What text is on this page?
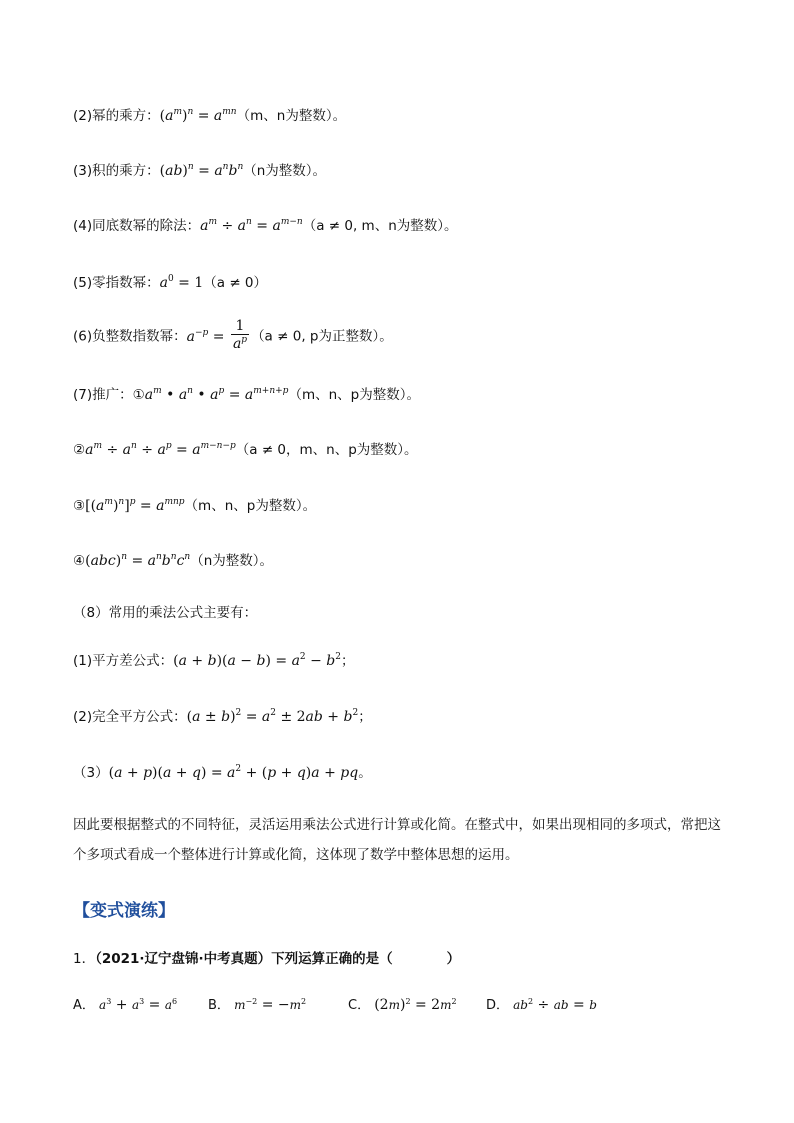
(2)幂的乘方：$(a^m)^n = a^{mn}(m$、n为整数）。
(3)积的乘方：$(ab)^n = a^nb^n(n$为整数）。
(4)同底数幂的除法：$a^m \div a^n = a^{m-n}(a \ne 0$, m、n为整数）。
(5)零指数幂：$a^0 = 1(a \ne 0)$
(6)负整数指数幂：$a^{-p} = \frac{1}{a^p} (a \ne 0$, p为正整数）。
(7)推广：$①a^m$ • $a^n$ • $a^p = a^{m+n+p}(m$、n、p为整数）。
$②a^m \div a^n \div a^p = a^{m-n-p}(a \ne 0$，m、n、p为整数）。
$③[(a^m)^n]^p = a^{mnp}(m$、n、p为整数）。
④(abc)$^n$ = $a^nb^nc^n(n$为整数）。
（8）常用的乘法公式主要有：
(1)平方差公式：$(a + b)(a - b) = a^2 - b^2$；
(2)完全平方公式：$(a \pm b)^2 = a^2 \pm 2ab + b^2$；
$(3)(a + p)(a + q) = a^2 + (p + q)a$ + pq。
因此要根据整式的不同特征，灵活运用乘法公式进行计算或化简。在整式中，如果出现相同的多项式，常把这个多项式看成一个整体进行计算或化简，这体现了数学中整体思想的运用。
【变式演练】
1．（2021·辽宁盘锦·中考真题）下列运算正确的是（　　　　）
A． $a^3 + a^3 = a^6$ B． $m^{-2} = -m^2$	C． $(2m)^2 = 2m^2$ D． $ab^2$ ÷ ab = b
